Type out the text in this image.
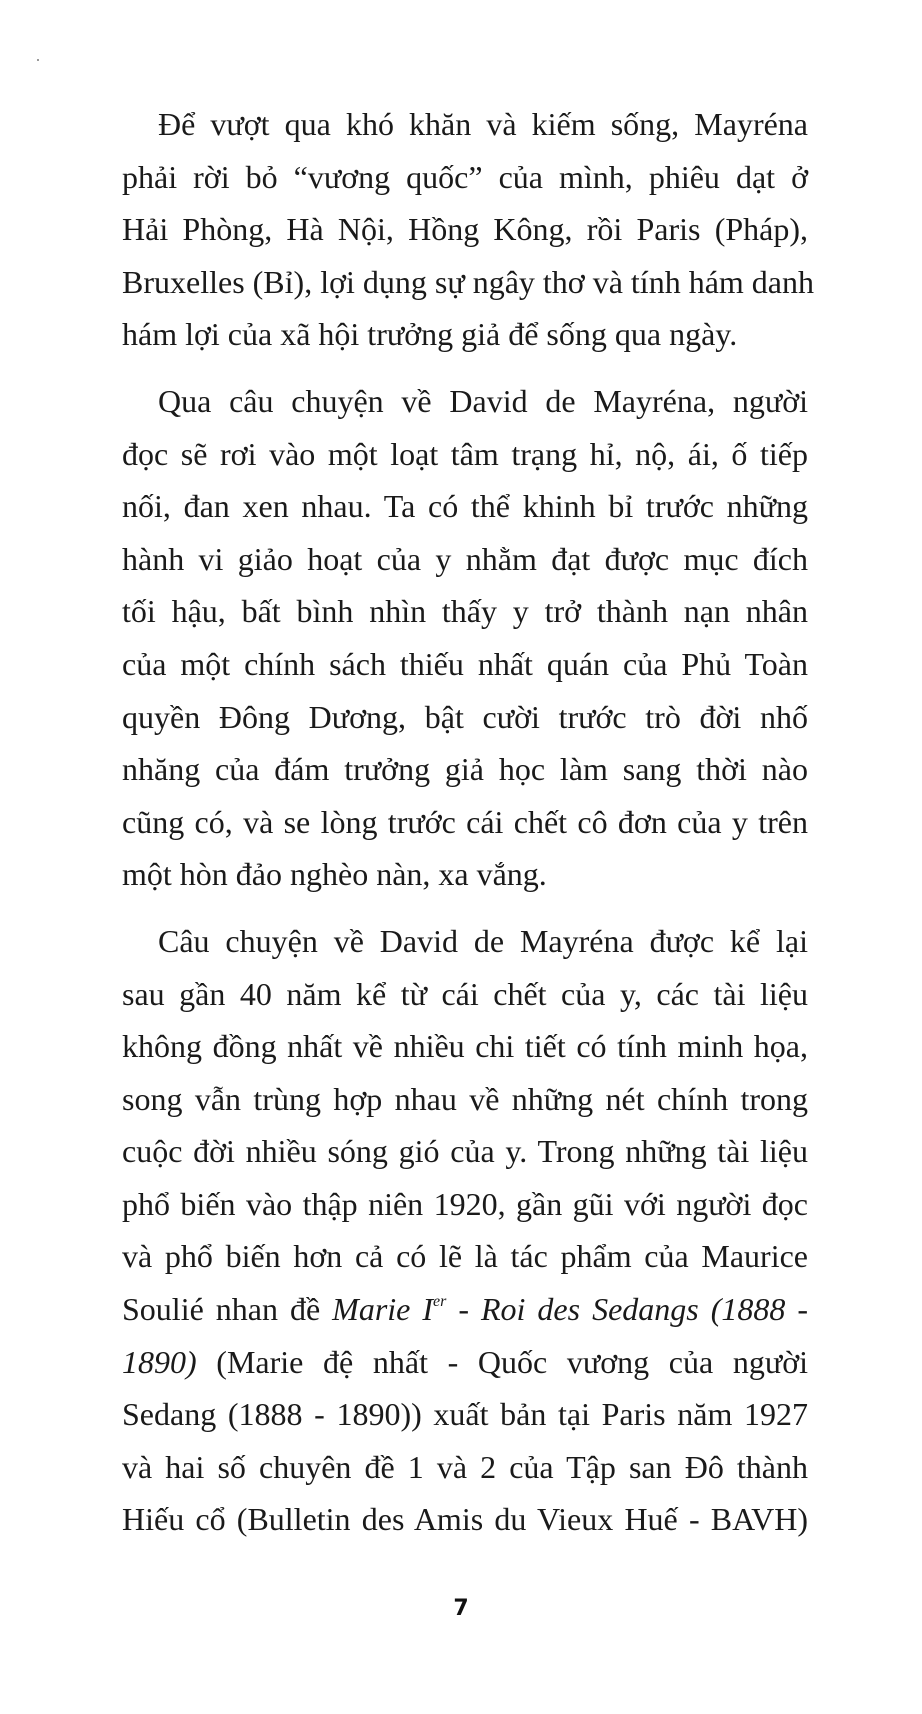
Để vượt qua khó khăn và kiếm sống, Mayréna
phải rời bỏ “vương quốc” của mình, phiêu dạt ở
Hải Phòng, Hà Nội, Hồng Kông, rồi Paris (Pháp),
Bruxelles (Bỉ), lợi dụng sự ngây thơ và tính hám danh
hám lợi của xã hội trưởng giả để sống qua ngày.
Qua câu chuyện về David de Mayréna, người
đọc sẽ rơi vào một loạt tâm trạng hỉ, nộ, ái, ố tiếp
nối, đan xen nhau. Ta có thể khinh bỉ trước những
hành vi giảo hoạt của y nhằm đạt được mục đích
tối hậu, bất bình nhìn thấy y trở thành nạn nhân
của một chính sách thiếu nhất quán của Phủ Toàn
quyền Đông Dương, bật cười trước trò đời nhố
nhăng của đám trưởng giả học làm sang thời nào
cũng có, và se lòng trước cái chết cô đơn của y trên
một hòn đảo nghèo nàn, xa vắng.
Câu chuyện về David de Mayréna được kể lại
sau gần 40 năm kể từ cái chết của y, các tài liệu
không đồng nhất về nhiều chi tiết có tính minh họa,
song vẫn trùng hợp nhau về những nét chính trong
cuộc đời nhiều sóng gió của y. Trong những tài liệu
phổ biến vào thập niên 1920, gần gũi với người đọc
và phổ biến hơn cả có lẽ là tác phẩm của Maurice
Soulié nhan đề Marie Ier - Roi des Sedangs (1888 -
1890) (Marie đệ nhất - Quốc vương của người
Sedang (1888 - 1890)) xuất bản tại Paris năm 1927
và hai số chuyên đề 1 và 2 của Tập san Đô thành
Hiếu cổ (Bulletin des Amis du Vieux Huế - BAVH)
7
